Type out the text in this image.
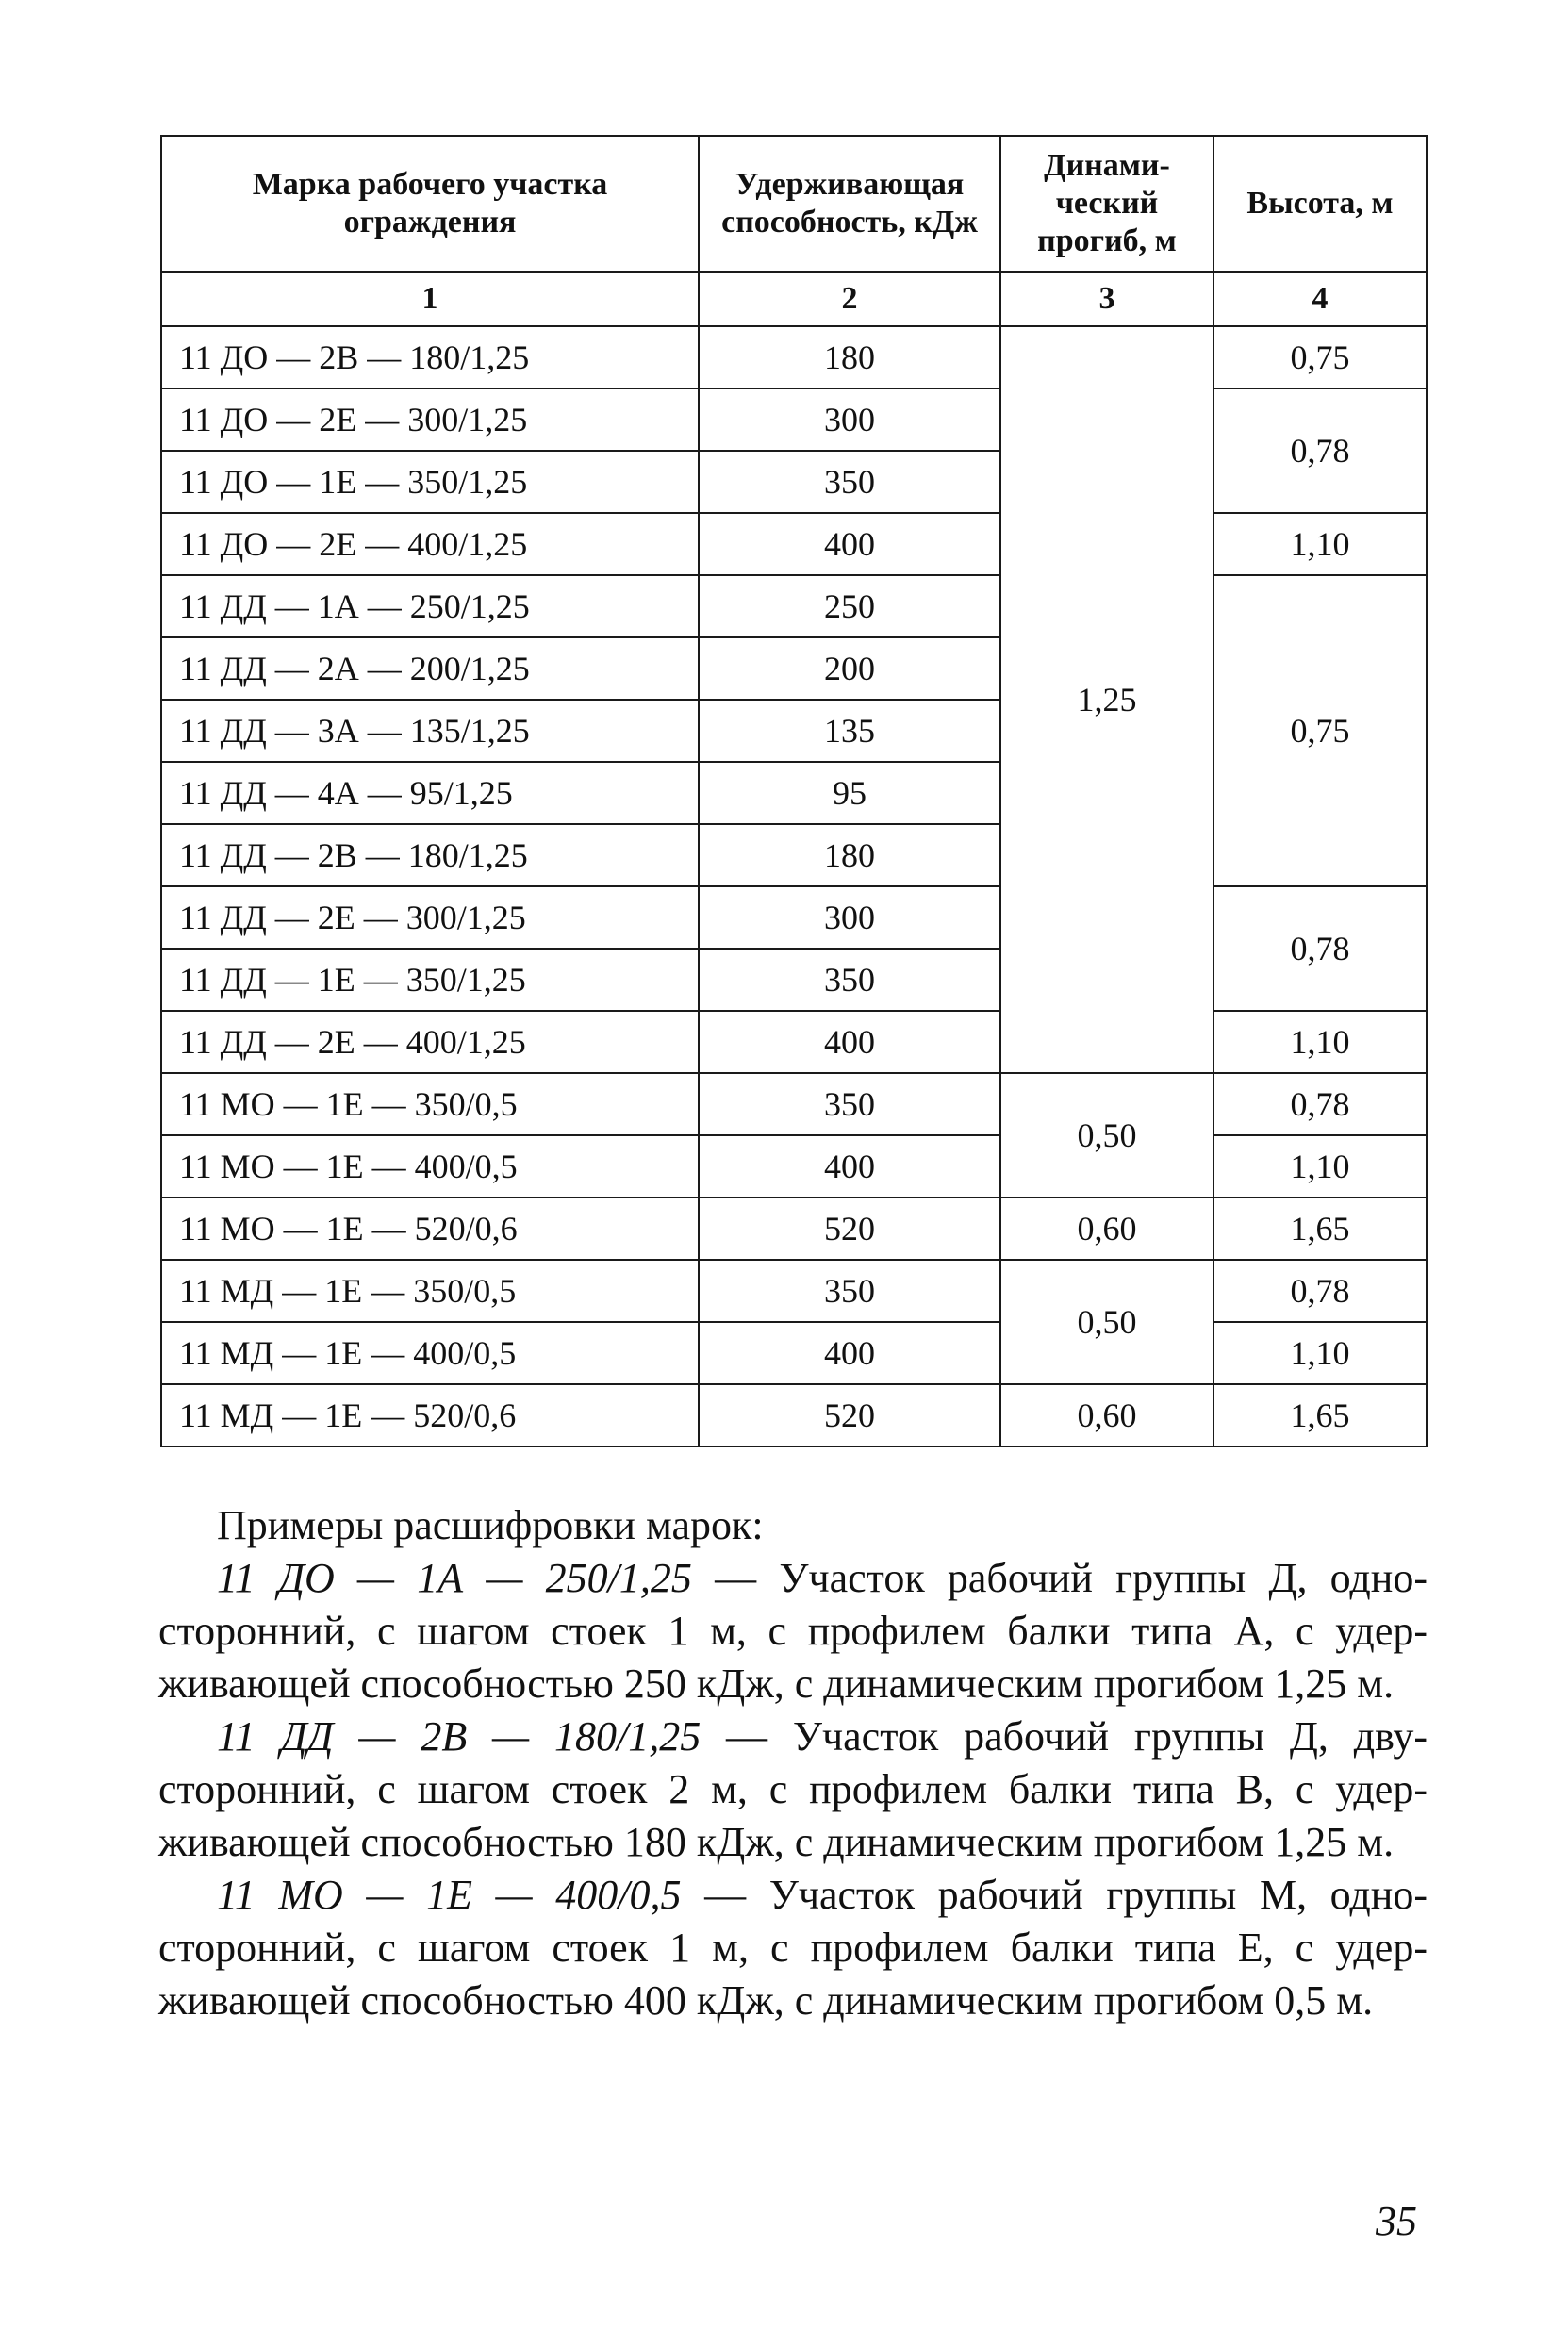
Марка рабочего участка ограждения	Удерживающая способность, кДж	Динами-ческий прогиб, м	Высота, м
1	2	3	4
11 ДО — 2В — 180/1,25	180	1,25	0,75
11 ДО — 2Е — 300/1,25	300		0,78
11 ДО — 1Е — 350/1,25	350		
11 ДО — 2Е — 400/1,25	400		1,10
11 ДД — 1А — 250/1,25	250		0,75
11 ДД — 2А — 200/1,25	200		
11 ДД — 3А — 135/1,25	135		
11 ДД — 4А — 95/1,25	95		
11 ДД — 2В — 180/1,25	180		
11 ДД — 2Е — 300/1,25	300		0,78
11 ДД — 1Е — 350/1,25	350		
11 ДД — 2Е — 400/1,25	400		1,10
11 МО — 1Е — 350/0,5	350	0,50	0,78
11 МО — 1Е — 400/0,5	400		1,10
11 МО — 1Е — 520/0,6	520	0,60	1,65
11 МД — 1Е — 350/0,5	350	0,50	0,78
11 МД — 1Е — 400/0,5	400		1,10
11 МД — 1Е — 520/0,6	520	0,60	1,65

Примеры расшифровки марок:

11 ДО — 1А — 250/1,25 — Участок рабочий группы Д, одно-сторонний, с шагом стоек 1 м, с профилем балки типа А, с удер-живающей способностью 250 кДж, с динамическим прогибом 1,25 м.

11 ДД — 2В — 180/1,25 — Участок рабочий группы Д, дву-сторонний, с шагом стоек 2 м, с профилем балки типа В, с удер-живающей способностью 180 кДж, с динамическим прогибом 1,25 м.

11 МО — 1Е — 400/0,5 — Участок рабочий группы М, одно-сторонний, с шагом стоек 1 м, с профилем балки типа Е, с удер-живающей способностью 400 кДж, с динамическим прогибом 0,5 м.

35
